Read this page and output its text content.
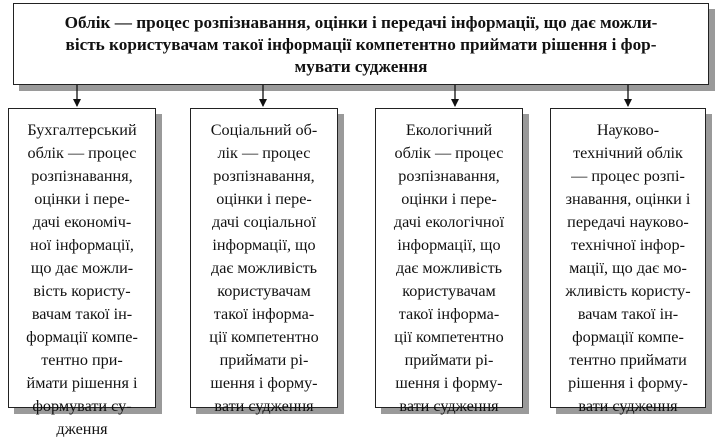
Облік — процес розпізнавання, оцінки і передачі інформації, що дає можли-
вість користувачам такої інформації компетентно приймати рішення і фор-
мувати судження
Бухгалтерський
облік — процес
розпізнавання,
оцінки і пере-
дачі економіч-
ної інформації,
що дає можли-
вість користу-
вачам такої ін-
формації компе-
тентно при-
ймати рішення і
формувати су-
дження
Соціальний об-
лік — процес
розпізнавання,
оцінки і пере-
дачі соціальної
інформації, що
дає можливість
користувачам
такої інформа-
ції компетентно
приймати рі-
шення і форму-
вати судження
Екологічний
облік — процес
розпізнавання,
оцінки і пере-
дачі екологічної
інформації, що
дає можливість
користувачам
такої інформа-
ції компетентно
приймати рі-
шення і форму-
вати судження
Науково-
технічний облік
— процес розпі-
знавання, оцінки і
передачі науково-
технічної інфор-
мації, що дає мо-
жливість користу-
вачам такої ін-
формації компе-
тентно приймати
рішення і форму-
вати судження
